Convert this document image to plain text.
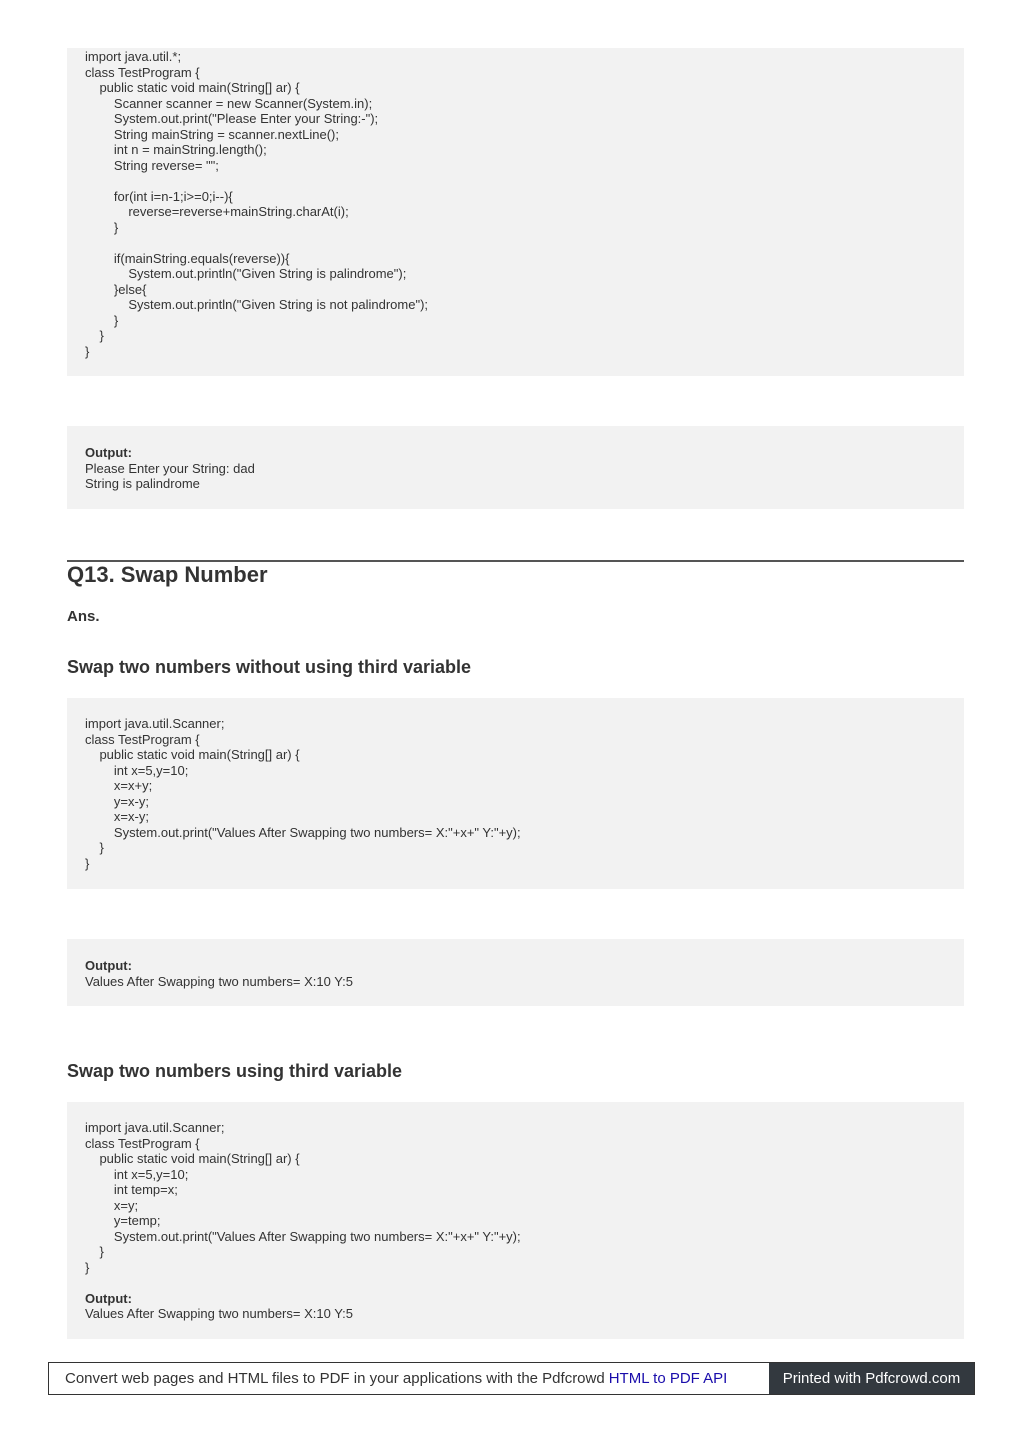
import java.util.*;
class TestProgram {
public static void main(String[] ar) {
Scanner scanner = new Scanner(System.in);
System.out.print("Please Enter your String:-");
String mainString = scanner.nextLine();
int n = mainString.length();
String reverse= "";
for(int i=n-1;i>=0;i--){
reverse=reverse+mainString.charAt(i);
}
if(mainString.equals(reverse)){
System.out.println("Given String is palindrome");
}else{
System.out.println("Given String is not palindrome");
}
}
}
Output:
Please Enter your String: dad
String is palindrome
Q13. Swap Number
Ans.
Swap two numbers without using third variable
import java.util.Scanner;
class TestProgram {
public static void main(String[] ar) {
int x=5,y=10;
x=x+y;
y=x-y;
x=x-y;
System.out.print("Values After Swapping two numbers= X:"+x+" Y:"+y);
}
}
Output:
Values After Swapping two numbers= X:10 Y:5
Swap two numbers using third variable
import java.util.Scanner;
class TestProgram {
public static void main(String[] ar) {
int x=5,y=10;
int temp=x;
x=y;
y=temp;
System.out.print("Values After Swapping two numbers= X:"+x+" Y:"+y);
}
}
Output:
Values After Swapping two numbers= X:10 Y:5
Convert web pages and HTML files to PDF in your applications with the Pdfcrowd HTML to PDF API	Printed with Pdfcrowd.com
